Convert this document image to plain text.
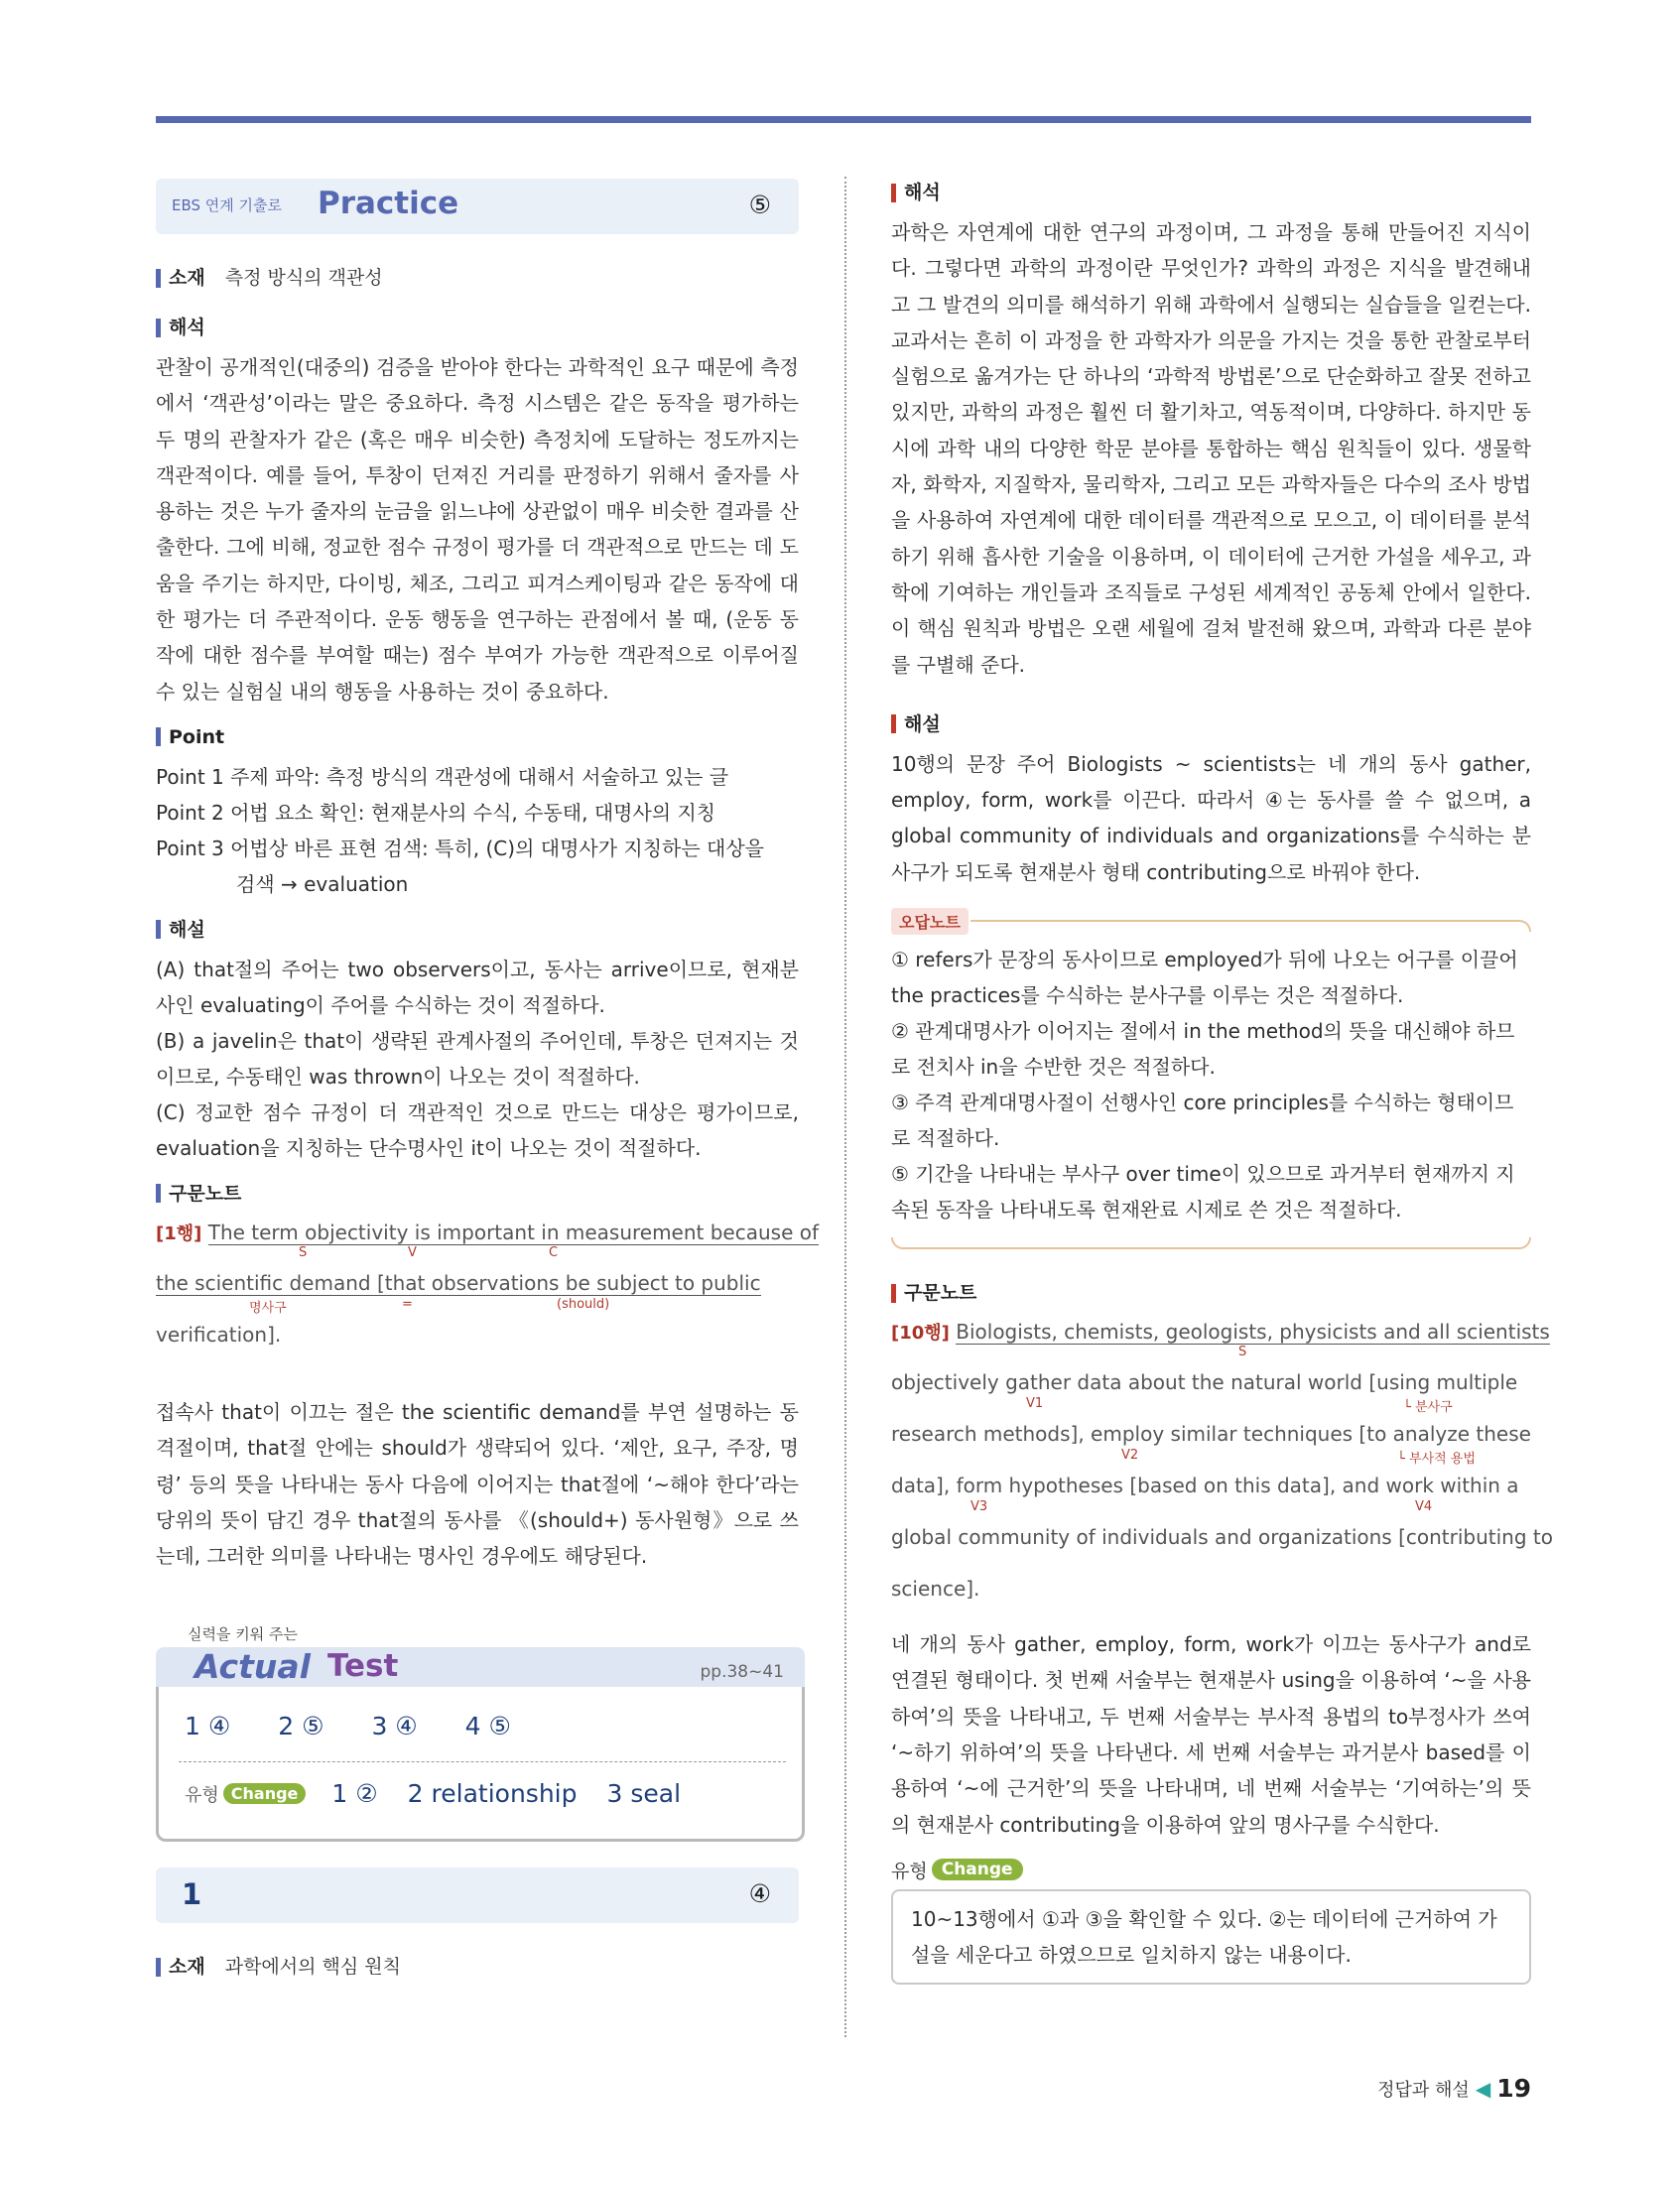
EBS 연계 기출로 Practice	⑤
소재 측정 방식의 객관성
해석

관찰이 공개적인(대중의) 검증을 받아야 한다는 과학적인 요구 때문에 측정에서 ‘객관성’이라는 말은 중요하다. 측정 시스템은 같은 동작을 평가하는 두 명의 관찰자가 같은 (혹은 매우 비슷한) 측정치에 도달하는 정도까지는 객관적이다. 예를 들어, 투창이 던져진 거리를 판정하기 위해서 줄자를 사용하는 것은 누가 줄자의 눈금을 읽느냐에 상관없이 매우 비슷한 결과를 산출한다. 그에 비해, 정교한 점수 규정이 평가를 더 객관적으로 만드는 데 도움을 주기는 하지만, 다이빙, 체조, 그리고 피겨스케이팅과 같은 동작에 대한 평가는 더 주관적이다. 운동 행동을 연구하는 관점에서 볼 때, (운동 동작에 대한 점수를 부여할 때는) 점수 부여가 가능한 객관적으로 이루어질 수 있는 실험실 내의 행동을 사용하는 것이 중요하다.

Point

Point 1 주제 파악: 측정 방식의 객관성에 대해서 서술하고 있는 글

Point 2 어법 요소 확인: 현재분사의 수식, 수동태, 대명사의 지칭

Point 3 어법상 바른 표현 검색: 특히, (C)의 대명사가 지칭하는 대상을

검색 → evaluation

해설

(A) that절의 주어는 two observers이고, 동사는 arrive이므로, 현재분사인 evaluating이 주어를 수식하는 것이 적절하다.

(B) a javelin은 that이 생략된 관계사절의 주어인데, 투창은 던져지는 것이므로, 수동태인 was thrown이 나오는 것이 적절하다.

(C) 정교한 점수 규정이 더 객관적인 것으로 만드는 대상은 평가이므로, evaluation을 지칭하는 단수명사인 it이 나오는 것이 적절하다.

구문노트
[1행] The term objectivity is important in measurement because of
S	V	C
the scientific demand [that observations be subject to public
명사구	=	(should)
verification].

접속사 that이 이끄는 절은 the scientific demand를 부연 설명하는 동격절이며, that절 안에는 should가 생략되어 있다. ‘제안, 요구, 주장, 명령’ 등의 뜻을 나타내는 동사 다음에 이어지는 that절에 ‘~해야 한다’라는 당위의 뜻이 담긴 경우 that절의 동사를 《(should+) 동사원형》으로 쓰는데, 그러한 의미를 나타내는 명사인 경우에도 해당된다.

실력을 키워 주는
Actual Test	pp.38~41
1 ④ 2 ⑤ 3 ④ 4 ⑤
유형 Change	1 ② 2 relationship 3 seal
1	④
소재 과학에서의 핵심 원칙
해석

과학은 자연계에 대한 연구의 과정이며, 그 과정을 통해 만들어진 지식이다. 그렇다면 과학의 과정이란 무엇인가? 과학의 과정은 지식을 발견해내고 그 발견의 의미를 해석하기 위해 과학에서 실행되는 실습들을 일컫는다. 교과서는 흔히 이 과정을 한 과학자가 의문을 가지는 것을 통한 관찰로부터 실험으로 옮겨가는 단 하나의 ‘과학적 방법론’으로 단순화하고 잘못 전하고 있지만, 과학의 과정은 훨씬 더 활기차고, 역동적이며, 다양하다. 하지만 동시에 과학 내의 다양한 학문 분야를 통합하는 핵심 원칙들이 있다. 생물학자, 화학자, 지질학자, 물리학자, 그리고 모든 과학자들은 다수의 조사 방법을 사용하여 자연계에 대한 데이터를 객관적으로 모으고, 이 데이터를 분석하기 위해 흡사한 기술을 이용하며, 이 데이터에 근거한 가설을 세우고, 과학에 기여하는 개인들과 조직들로 구성된 세계적인 공동체 안에서 일한다. 이 핵심 원칙과 방법은 오랜 세월에 걸쳐 발전해 왔으며, 과학과 다른 분야를 구별해 준다.

해설

10행의 문장 주어 Biologists ~ scientists는 네 개의 동사 gather, employ, form, work를 이끈다. 따라서 ④는 동사를 쓸 수 없으며, a global community of individuals and organizations를 수식하는 분사구가 되도록 현재분사 형태 contributing으로 바꿔야 한다.

오답노트

① refers가 문장의 동사이므로 employed가 뒤에 나오는 어구를 이끌어 the practices를 수식하는 분사구를 이루는 것은 적절하다.

② 관계대명사가 이어지는 절에서 in the method의 뜻을 대신해야 하므로 전치사 in을 수반한 것은 적절하다.

③ 주격 관계대명사절이 선행사인 core principles를 수식하는 형태이므로 적절하다.

⑤ 기간을 나타내는 부사구 over time이 있으므로 과거부터 현재까지 지속된 동작을 나타내도록 현재완료 시제로 쓴 것은 적절하다.

구문노트
[10행] Biologists, chemists, geologists, physicists and all scientists
S
objectively gather data about the natural world [using multiple
V1	└ 분사구
research methods], employ similar techniques [to analyze these
V2	└ 부사적 용법
data], form hypotheses [based on this data], and work within a
V3	V4
global community of individuals and organizations [contributing to
science].

네 개의 동사 gather, employ, form, work가 이끄는 동사구가 and로 연결된 형태이다. 첫 번째 서술부는 현재분사 using을 이용하여 ‘~을 사용하여’의 뜻을 나타내고, 두 번째 서술부는 부사적 용법의 to부정사가 쓰여 ‘~하기 위하여’의 뜻을 나타낸다. 세 번째 서술부는 과거분사 based를 이용하여 ‘~에 근거한’의 뜻을 나타내며, 네 번째 서술부는 ‘기여하는’의 뜻의 현재분사 contributing을 이용하여 앞의 명사구를 수식한다.

유형 Change
10~13행에서 ①과 ③을 확인할 수 있다. ②는 데이터에 근거하여 가설을 세운다고 하였으므로 일치하지 않는 내용이다.
정답과 해설 ◀ 19
